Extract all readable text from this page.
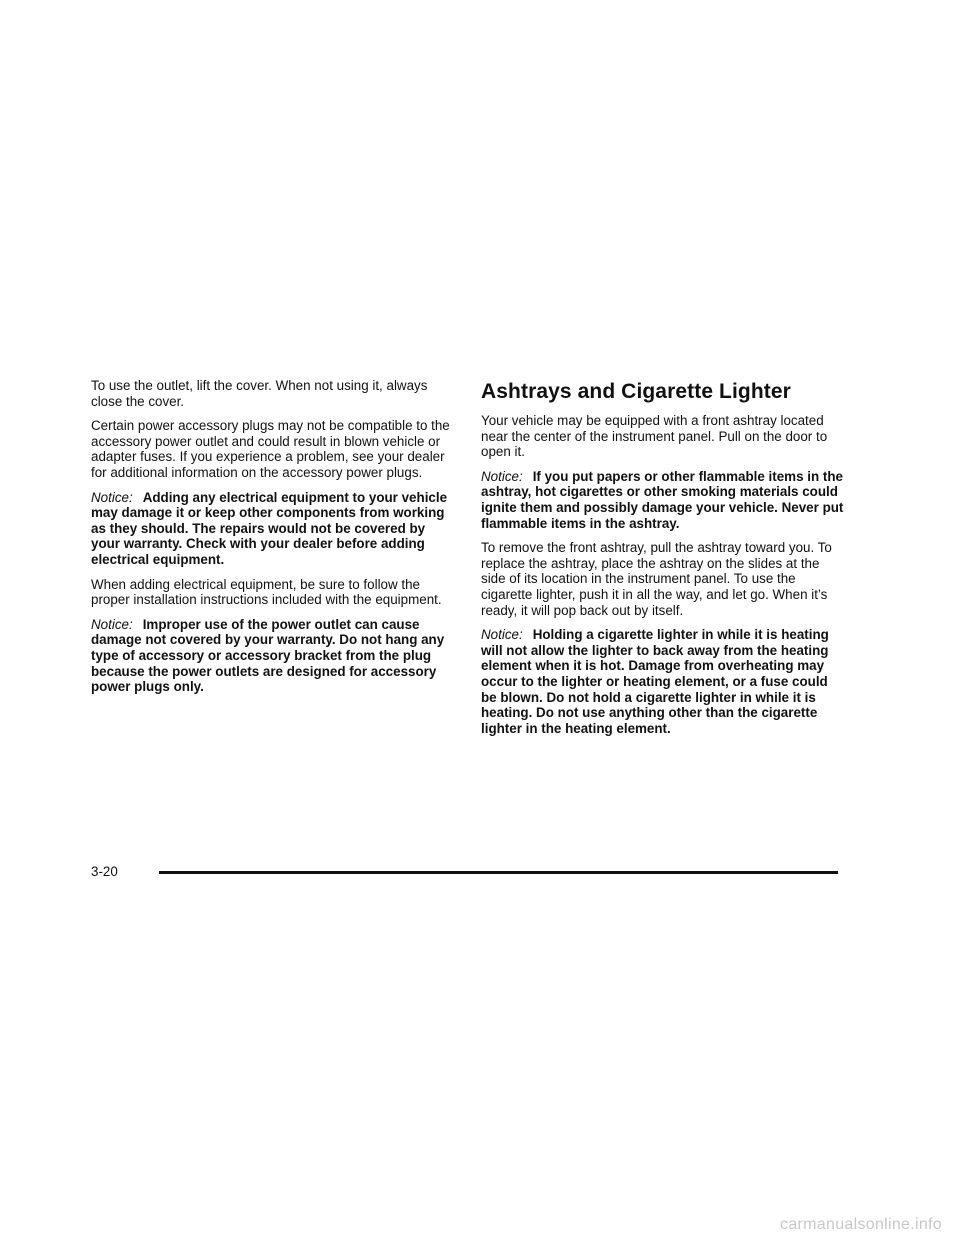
To use the outlet, lift the cover. When not using it, always close the cover.

Certain power accessory plugs may not be compatible to the accessory power outlet and could result in blown vehicle or adapter fuses. If you experience a problem, see your dealer for additional information on the accessory power plugs.

Notice: Adding any electrical equipment to your vehicle may damage it or keep other components from working as they should. The repairs would not be covered by your warranty. Check with your dealer before adding electrical equipment.

When adding electrical equipment, be sure to follow the proper installation instructions included with the equipment.

Notice: Improper use of the power outlet can cause damage not covered by your warranty. Do not hang any type of accessory or accessory bracket from the plug because the power outlets are designed for accessory power plugs only.

Ashtrays and Cigarette Lighter

Your vehicle may be equipped with a front ashtray located near the center of the instrument panel. Pull on the door to open it.

Notice: If you put papers or other flammable items in the ashtray, hot cigarettes or other smoking materials could ignite them and possibly damage your vehicle. Never put flammable items in the ashtray.

To remove the front ashtray, pull the ashtray toward you. To replace the ashtray, place the ashtray on the slides at the side of its location in the instrument panel. To use the cigarette lighter, push it in all the way, and let go. When it’s ready, it will pop back out by itself.

Notice: Holding a cigarette lighter in while it is heating will not allow the lighter to back away from the heating element when it is hot. Damage from overheating may occur to the lighter or heating element, or a fuse could be blown. Do not hold a cigarette lighter in while it is heating. Do not use anything other than the cigarette lighter in the heating element.

3-20
carmanualsonline.info
